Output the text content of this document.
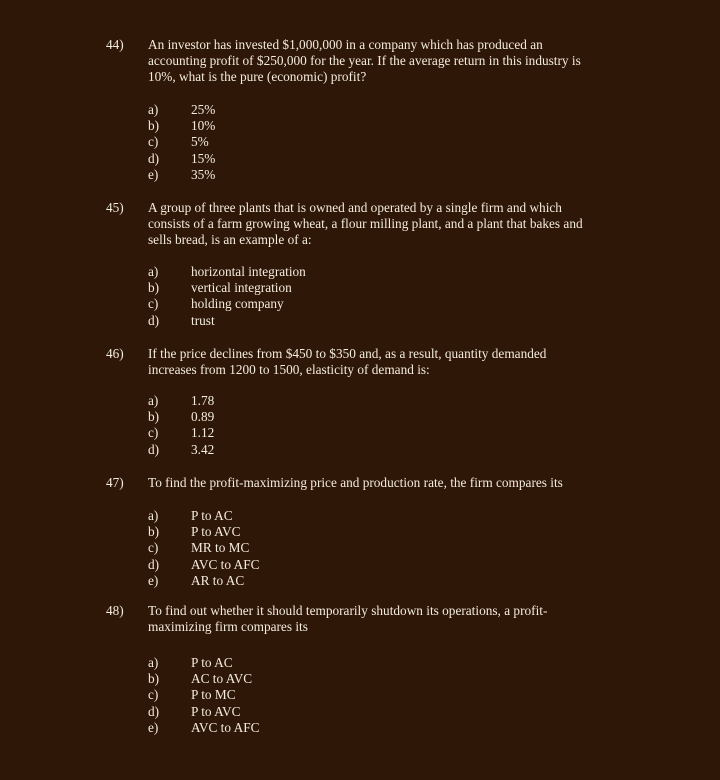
44) An investor has invested $1,000,000 in a company which has produced an
accounting profit of $250,000 for the year. If the average return in this industry is
10%, what is the pure (economic) profit?
a) 25%
b) 10%
c) 5%
d) 15%
e) 35%
45) A group of three plants that is owned and operated by a single firm and which
consists of a farm growing wheat, a flour milling plant, and a plant that bakes and
sells bread, is an example of a:
a) horizontal integration
b) vertical integration
c) holding company
d) trust
46) If the price declines from $450 to $350 and, as a result, quantity demanded
increases from 1200 to 1500, elasticity of demand is:
a) 1.78
b) 0.89
c) 1.12
d) 3.42
47) To find the profit-maximizing price and production rate, the firm compares its
a) P to AC
b) P to AVC
c) MR to MC
d) AVC to AFC
e) AR to AC
48) To find out whether it should temporarily shutdown its operations, a profit-
maximizing firm compares its
a) P to AC
b) AC to AVC
c) P to MC
d) P to AVC
e) AVC to AFC
